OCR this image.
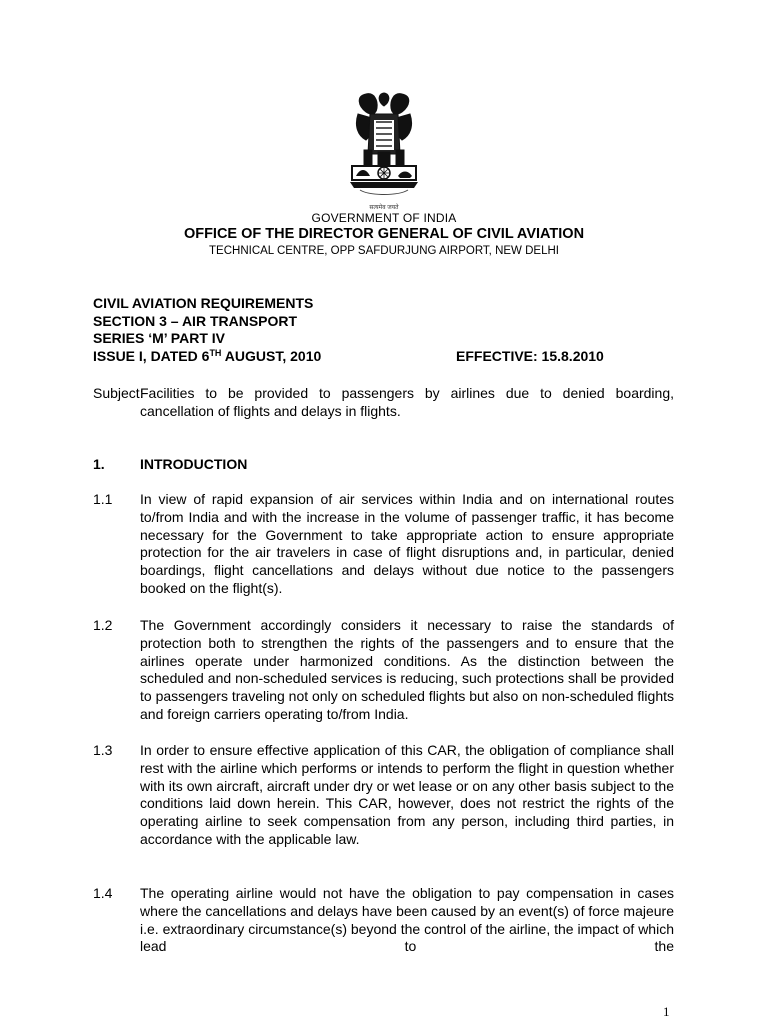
सत्यमेव जयते
GOVERNMENT OF INDIA
OFFICE OF THE DIRECTOR GENERAL OF CIVIL AVIATION
TECHNICAL CENTRE, OPP SAFDURJUNG AIRPORT, NEW DELHI
CIVIL AVIATION REQUIREMENTS
SECTION 3 – AIR TRANSPORT
SERIES ‘M’ PART IV
ISSUE I, DATED 6TH AUGUST, 2010	EFFECTIVE: 15.8.2010
Subject:
Facilities to be provided to passengers by airlines due to denied boarding, cancellation of flights and delays in flights.
1.	INTRODUCTION
1.1 In view of rapid expansion of air services within India and on international routes to/from India and with the increase in the volume of passenger traffic, it has become necessary for the Government to take appropriate action to ensure appropriate protection for the air travelers in case of flight disruptions and, in particular, denied boardings, flight cancellations and delays without due notice to the passengers booked on the flight(s).
1.2 The Government accordingly considers it necessary to raise the standards of protection both to strengthen the rights of the passengers and to ensure that the airlines operate under harmonized conditions. As the distinction between the scheduled and non-scheduled services is reducing, such protections shall be provided to passengers traveling not only on scheduled flights but also on non-scheduled flights and foreign carriers operating to/from India.
1.3 In order to ensure effective application of this CAR, the obligation of compliance shall rest with the airline which performs or intends to perform the flight in question whether with its own aircraft, aircraft under dry or wet lease or on any other basis subject to the conditions laid down herein. This CAR, however, does not restrict the rights of the operating airline to seek compensation from any person, including third parties, in accordance with the applicable law.
1.4 The operating airline would not have the obligation to pay compensation in cases where the cancellations and delays have been caused by an event(s) of force majeure i.e. extraordinary circumstance(s) beyond the control of the airline, the impact of which lead to the
1
